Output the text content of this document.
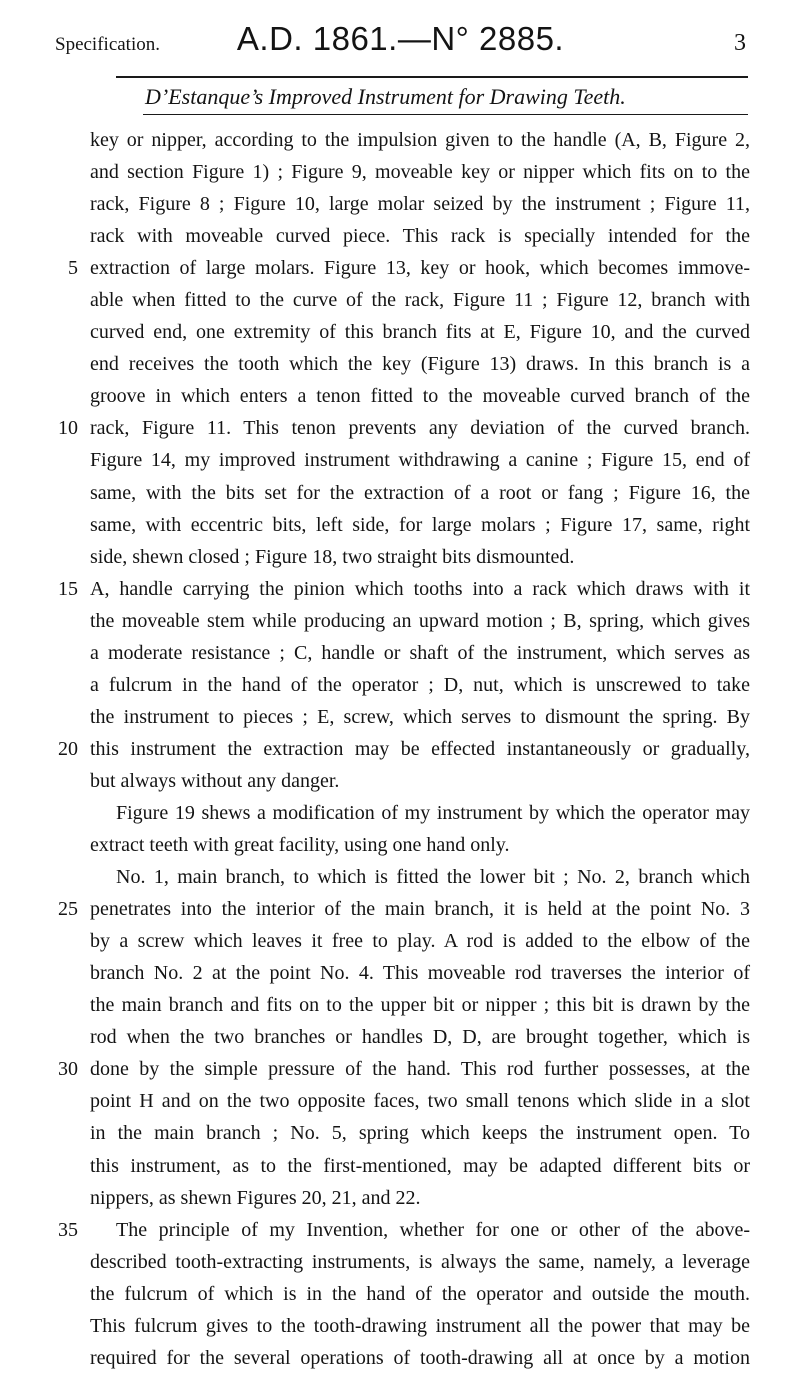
Specification.	A.D. 1861.—N° 2885.	3
D’Estanque’s Improved Instrument for Drawing Teeth.
key or nipper, according to the impulsion given to the handle (A, B, Figure 2,
and section Figure 1) ; Figure 9, moveable key or nipper which fits on to the
rack, Figure 8 ; Figure 10, large molar seized by the instrument ; Figure 11,
rack with moveable curved piece. This rack is specially intended for the
5 extraction of large molars. Figure 13, key or hook, which becomes immove-
able when fitted to the curve of the rack, Figure 11 ; Figure 12, branch with
curved end, one extremity of this branch fits at E, Figure 10, and the curved
end receives the tooth which the key (Figure 13) draws. In this branch is a
groove in which enters a tenon fitted to the moveable curved branch of the
10 rack, Figure 11. This tenon prevents any deviation of the curved branch.
Figure 14, my improved instrument withdrawing a canine ; Figure 15, end of
same, with the bits set for the extraction of a root or fang ; Figure 16, the
same, with eccentric bits, left side, for large molars ; Figure 17, same, right
side, shewn closed ; Figure 18, two straight bits dismounted.
15 A, handle carrying the pinion which tooths into a rack which draws with it
the moveable stem while producing an upward motion ; B, spring, which gives
a moderate resistance ; C, handle or shaft of the instrument, which serves as
a fulcrum in the hand of the operator ; D, nut, which is unscrewed to take
the instrument to pieces ; E, screw, which serves to dismount the spring. By
20 this instrument the extraction may be effected instantaneously or gradually,
but always without any danger.
Figure 19 shews a modification of my instrument by which the operator may
extract teeth with great facility, using one hand only.
No. 1, main branch, to which is fitted the lower bit ; No. 2, branch which
25 penetrates into the interior of the main branch, it is held at the point No. 3
by a screw which leaves it free to play. A rod is added to the elbow of the
branch No. 2 at the point No. 4. This moveable rod traverses the interior of
the main branch and fits on to the upper bit or nipper ; this bit is drawn by the
rod when the two branches or handles D, D, are brought together, which is
30 done by the simple pressure of the hand. This rod further possesses, at the
point H and on the two opposite faces, two small tenons which slide in a slot
in the main branch ; No. 5, spring which keeps the instrument open. To
this instrument, as to the first-mentioned, may be adapted different bits or
nippers, as shewn Figures 20, 21, and 22.
35 The principle of my Invention, whether for one or other of the above-
described tooth-extracting instruments, is always the same, namely, a leverage
the fulcrum of which is in the hand of the operator and outside the mouth.
This fulcrum gives to the tooth-drawing instrument all the power that may be
required for the several operations of tooth-drawing all at once by a motion
